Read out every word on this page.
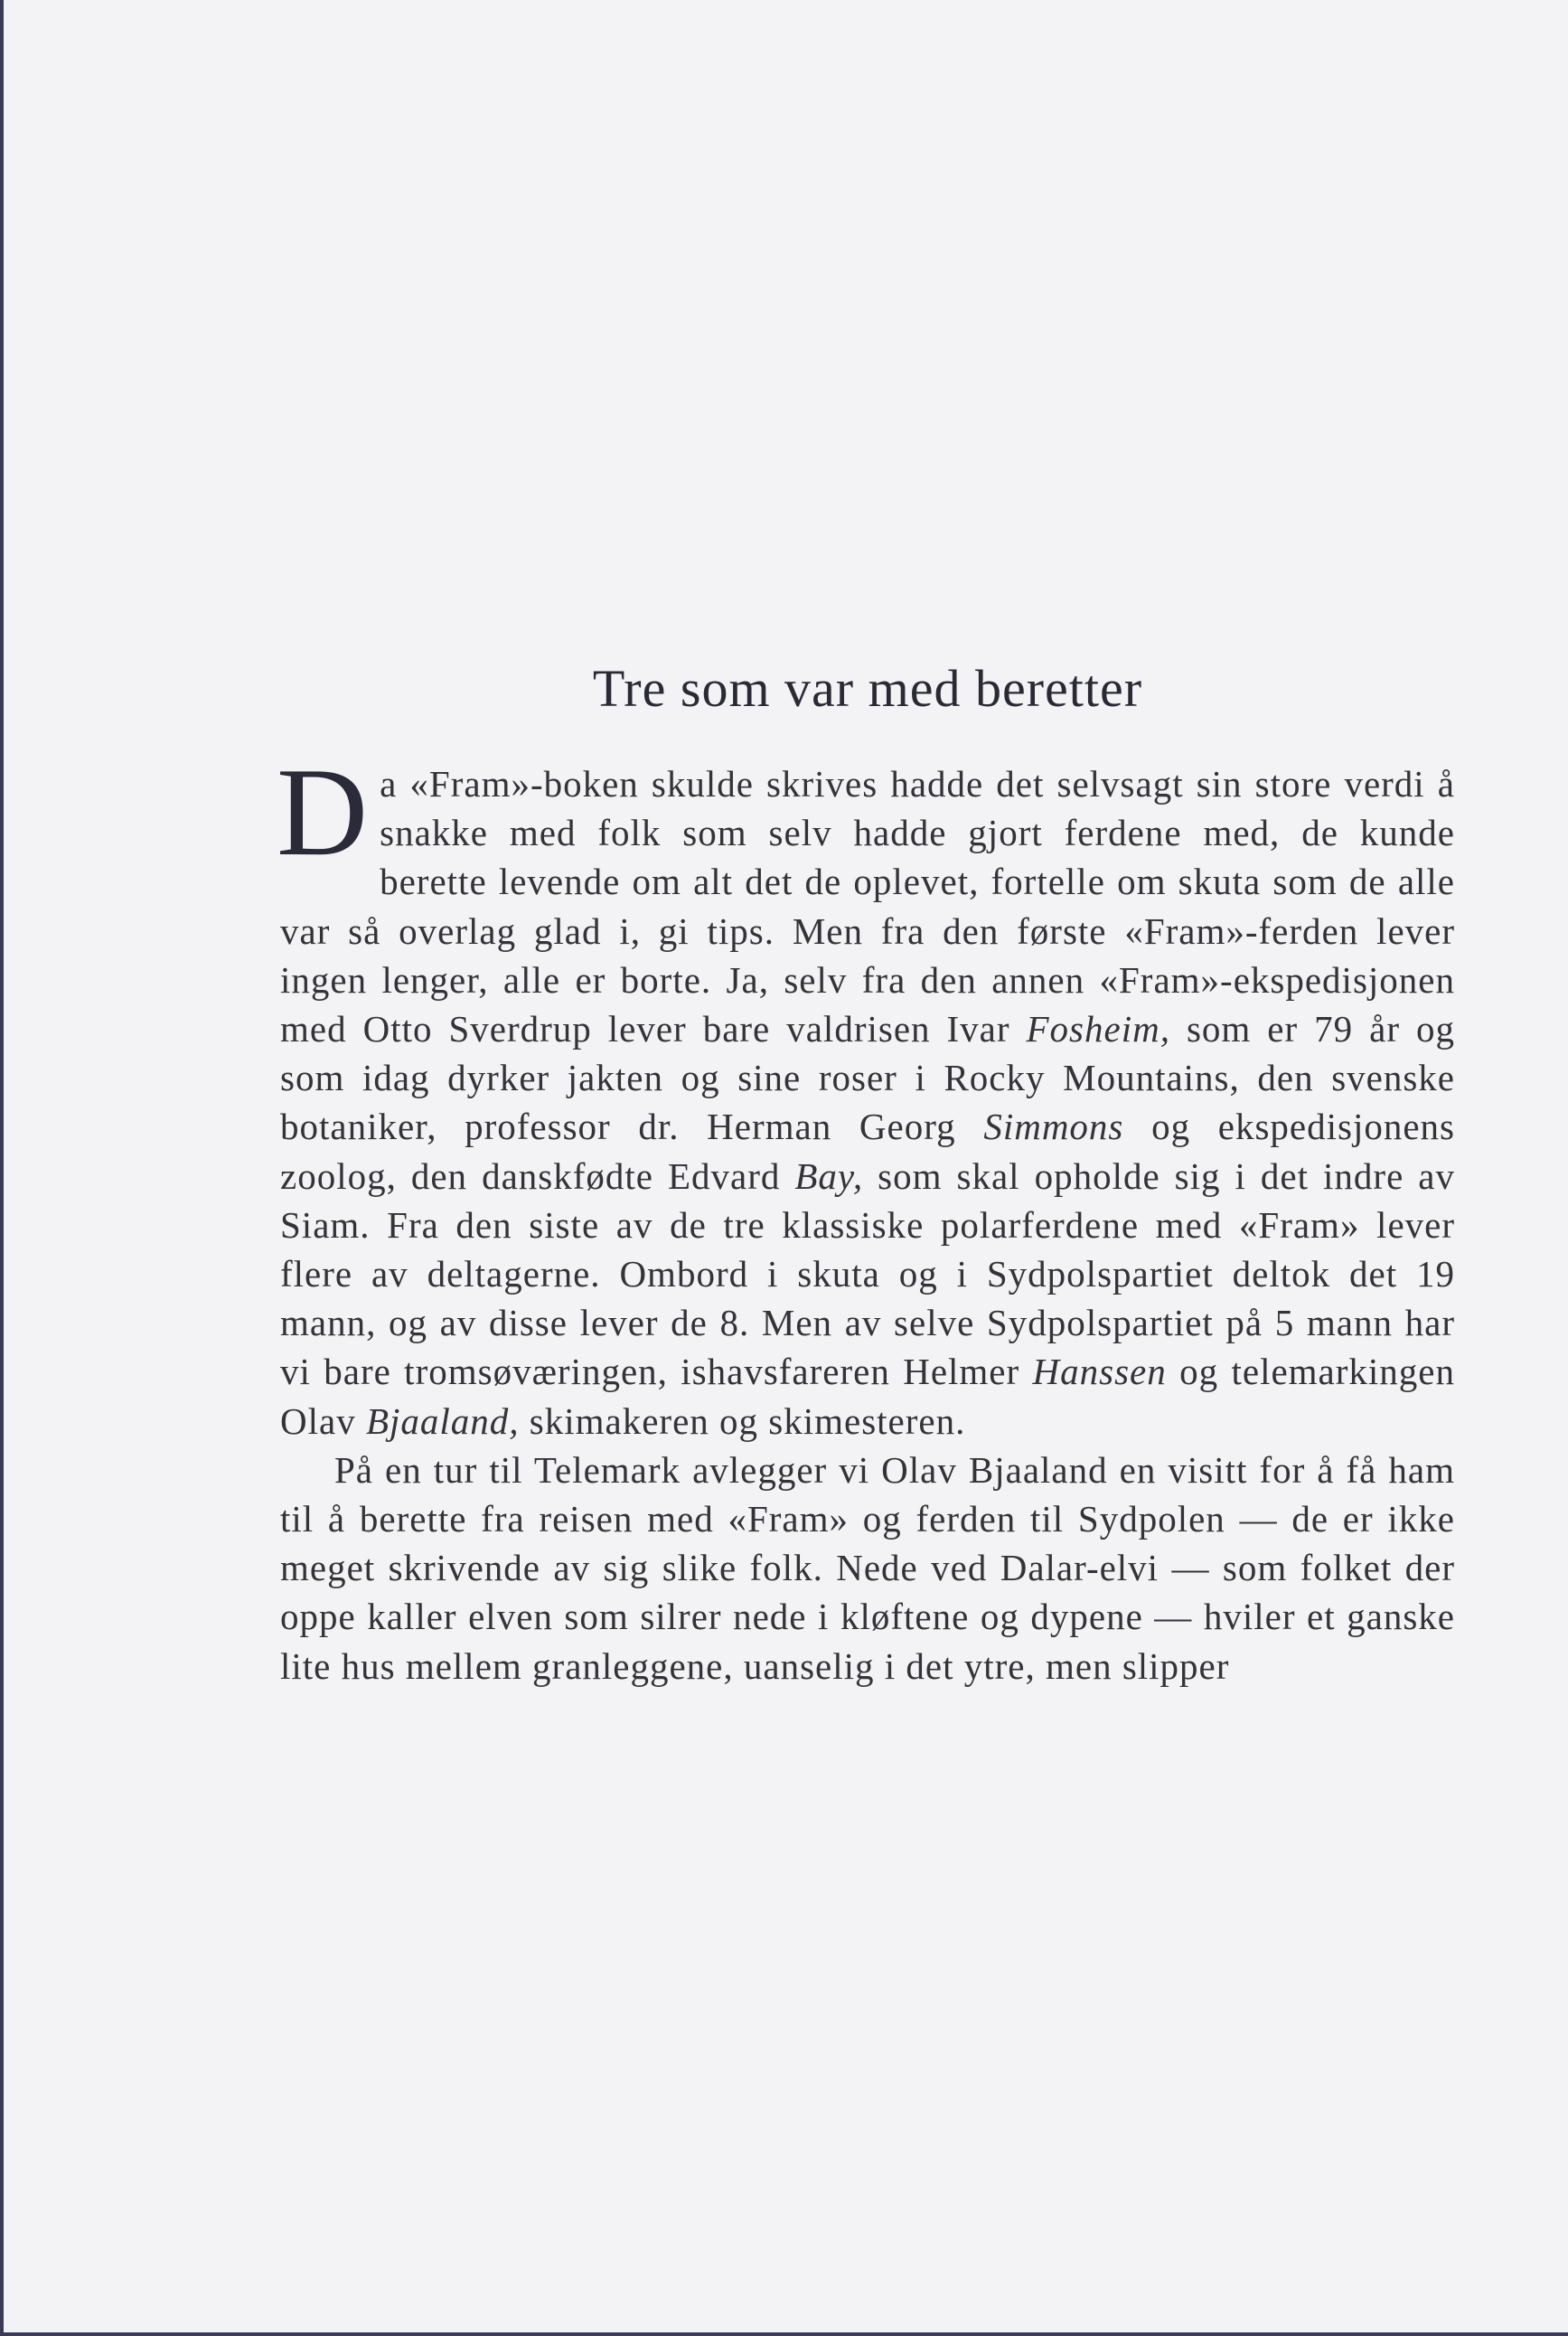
Tre som var med beretter

Da «Fram»-boken skulde skrives hadde det selvsagt sin store verdi å snakke med folk som selv hadde gjort ferdene med, de kunde berette levende om alt det de oplevet, fortelle om skuta som de alle var så overlag glad i, gi tips. Men fra den første «Fram»-ferden lever ingen lenger, alle er borte. Ja, selv fra den annen «Fram»-ekspedisjonen med Otto Sverdrup lever bare valdrisen Ivar Fosheim, som er 79 år og som idag dyrker jakten og sine roser i Rocky Mountains, den svenske botaniker, professor dr. Herman Georg Simmons og ekspedisjonens zoolog, den danskfødte Edvard Bay, som skal opholde sig i det indre av Siam. Fra den siste av de tre klassiske polarferdene med «Fram» lever flere av deltagerne. Ombord i skuta og i Sydpolspartiet deltok det 19 mann, og av disse lever de 8. Men av selve Sydpolspartiet på 5 mann har vi bare tromsøværingen, ishavsfareren Helmer Hanssen og telemarkingen Olav Bjaaland, skimakeren og skimesteren.

På en tur til Telemark avlegger vi Olav Bjaaland en visitt for å få ham til å berette fra reisen med «Fram» og ferden til Sydpolen — de er ikke meget skrivende av sig slike folk. Nede ved Dalar-elvi — som folket der oppe kaller elven som silrer nede i kløftene og dypene — hviler et ganske lite hus mellem granleggene, uanselig i det ytre, men slipper
